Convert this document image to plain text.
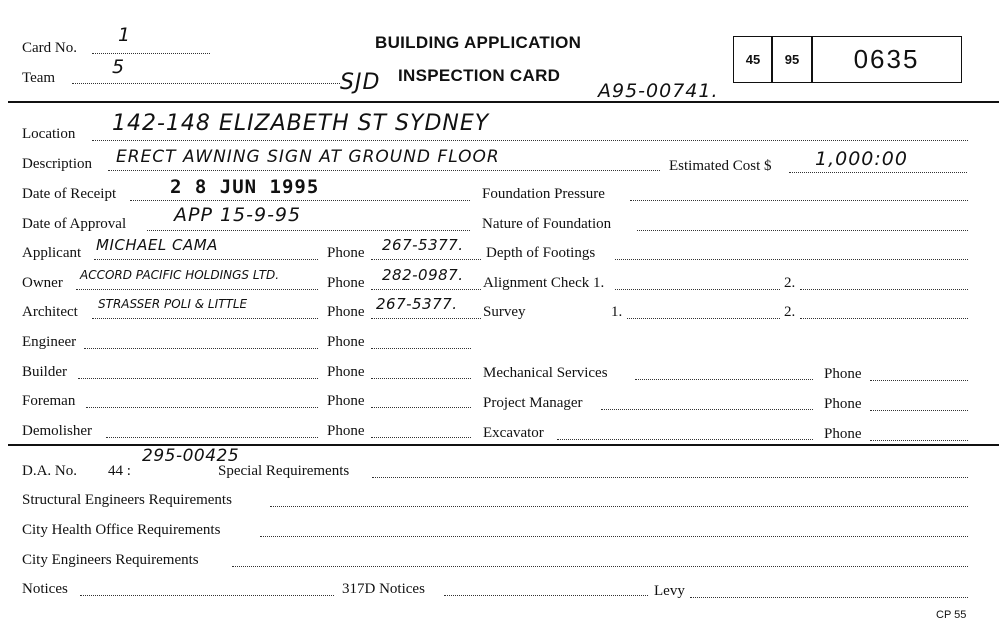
Card No.
1
Team	5
SJD
BUILDING APPLICATION
INSPECTION CARD
A95-00741.
45 95 0635
Location 142-148 ELIZABETH ST SYDNEY
Description ERECT AWNING SIGN AT GROUND FLOOR	Estimated Cost $ 1,000:00
Date of Receipt	2 8 JUN 1995	Foundation Pressure
Date of Approval	APP 15-9-95	Nature of Foundation
Applicant MICHAEL CAMA	Phone 267-5377. Depth of Footings
Owner ACCORD PACIFIC HOLDINGS LTD.	Phone 282-0987. Alignment Check 1.	2.
Architect STRASSER POLI & LITTLE	Phone 267-5377. Survey	1.	2.
Engineer	Phone
Builder	Phone	Mechanical Services	Phone
Foreman	Phone	Project Manager	Phone
Demolisher	Phone	Excavator	Phone
D.A. No. 44 :
295-00425
Special Requirements
Structural Engineers Requirements
City Health Office Requirements
City Engineers Requirements
Notices	317D Notices	Levy
CP 55
